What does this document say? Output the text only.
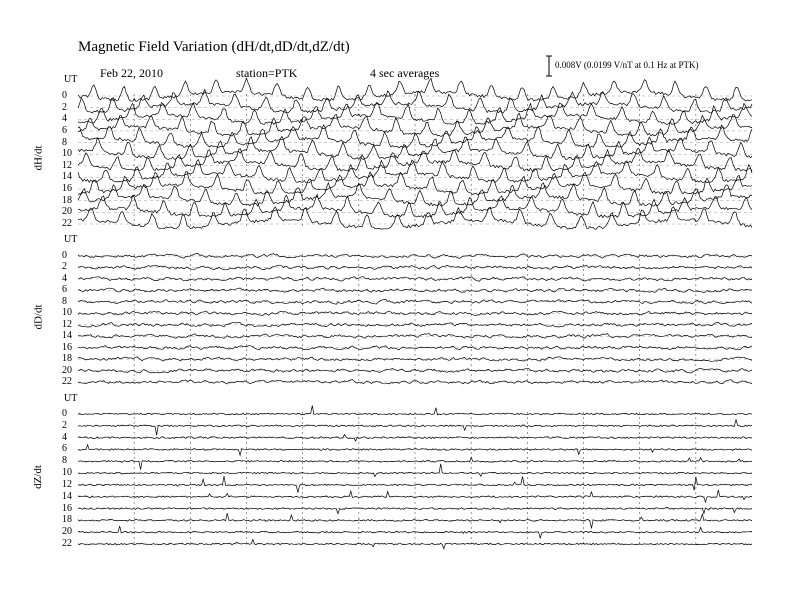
Magnetic Field Variation (dH/dt,dD/dt,dZ/dt)
Feb 22, 2010	station=PTK	4 sec averages
0.008V (0.0199 V/nT at 0.1 Hz at PTK)
UT
dH/dt
0
2
4
6
8
10
12
14
16
18
20
22
UT
dD/dt
0
2
4
6
8
10
12
14
16
18
20
22
UT
dZ/dt
0
2
4
6
8
10
12
14
16
18
20
22
